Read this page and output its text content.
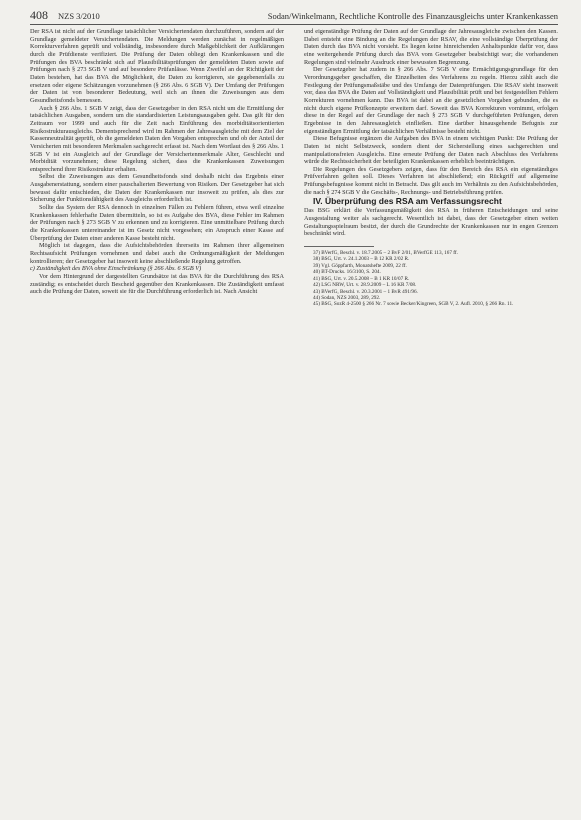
408 NZS 3/2010	Sodan/Winkelmann, Rechtliche Kontrolle des Finanzausgleichs unter Krankenkassen

Der RSA ist nicht auf der Grundlage tatsächlicher Versichertendaten durchzuführen, sondern auf der Grundlage gemeldeter Versichertendaten. Die Meldungen werden zunächst in regelmäßigen Korrekturverfahren geprüft und vollständig, insbesondere durch Maßgeblichkeit der Aufklärungen durch die Prüfdienste verifiziert. Die Prüfung der Daten obliegt den Krankenkassen und die Prüfungen des BVA beschränkt sich auf Plausibilitätsprüfungen der gemeldeten Daten sowie auf Prüfungen nach § 273 SGB V und auf besondere Prüfanlässe. Wenn Zweifel an der Richtigkeit der Daten bestehen, hat das BVA die Möglichkeit, die Daten zu korrigieren, sie gegebenenfalls zu ersetzen oder eigene Schätzungen vorzunehmen (§ 266 Abs. 6 SGB V). Der Umfang der Prüfungen der Daten ist von besonderer Bedeutung, weil sich an ihnen die Zuweisungen aus dem Gesundheitsfonds bemessen.

Auch § 266 Abs. 1 SGB V zeigt, dass der Gesetzgeber in den RSA nicht um die Ermittlung der tatsächlichen Ausgaben, sondern um die standardisierten Leistungsausgaben geht. Das gilt für den Zeitraum vor 1999 und auch für die Zeit nach Einführung des morbiditätsorientierten Risikostrukturausgleichs. Dementsprechend wird im Rahmen der Jahresausgleiche mit dem Ziel der Kassenneutralität geprüft, ob die gemeldeten Daten den Vorgaben entsprechen und ob der Anteil der Versicherten mit besonderen Merkmalen sachgerecht erfasst ist. Nach dem Wortlaut des § 266 Abs. 1 SGB V ist ein Ausgleich auf der Grundlage der Versichertenmerkmale Alter, Geschlecht und Morbidität vorzunehmen; diese Regelung sichert, dass die Krankenkassen Zuweisungen entsprechend ihrer Risikostruktur erhalten.

Selbst die Zuweisungen aus dem Gesundheitsfonds sind deshalb nicht das Ergebnis einer Ausgabenerstattung, sondern einer pauschalierten Bewertung von Risiken. Der Gesetzgeber hat sich bewusst dafür entschieden, die Daten der Krankenkassen nur insoweit zu prüfen, als dies zur Sicherung der Funktionsfähigkeit des Ausgleichs erforderlich ist.

Sollte das System der RSA dennoch in einzelnen Fällen zu Fehlern führen, etwa weil einzelne Krankenkassen fehlerhafte Daten übermitteln, so ist es Aufgabe des BVA, diese Fehler im Rahmen der Prüfungen nach § 273 SGB V zu erkennen und zu korrigieren. Eine unmittelbare Prüfung durch die Krankenkassen untereinander ist im Gesetz nicht vorgesehen; ein Anspruch einer Kasse auf Überprüfung der Daten einer anderen Kasse besteht nicht.

Möglich ist dagegen, dass die Aufsichtsbehörden ihrerseits im Rahmen ihrer allgemeinen Rechtsaufsicht Prüfungen vornehmen und dabei auch die Ordnungsmäßigkeit der Meldungen kontrollieren; der Gesetzgeber hat insoweit keine abschließende Regelung getroffen.

c) Zuständigkeit des BVA ohne Einschränkung (§ 266 Abs. 6 SGB V)

Vor dem Hintergrund der dargestellten Grundsätze ist das BVA für die Durchführung des RSA zuständig; es entscheidet durch Bescheid gegenüber den Krankenkassen. Die Zuständigkeit umfasst auch die Prüfung der Daten, soweit sie für die Durchführung erforderlich ist. Nach Ansicht

und eigenständige Prüfung der Daten auf der Grundlage der Jahresausgleiche zwischen den Kassen. Dabei entsteht eine Bindung an die Regelungen der RSAV, die eine vollständige Überprüfung der Daten durch das BVA nicht vorsieht. Es liegen keine hinreichenden Anhaltspunkte dafür vor, dass eine weitergehende Prüfung durch das BVA vom Gesetzgeber beabsichtigt war; die vorhandenen Regelungen sind vielmehr Ausdruck einer bewussten Begrenzung.

Der Gesetzgeber hat zudem in § 266 Abs. 7 SGB V eine Ermächtigungsgrundlage für den Verordnungsgeber geschaffen, die Einzelheiten des Verfahrens zu regeln. Hierzu zählt auch die Festlegung der Prüfungsmaßstäbe und des Umfangs der Datenprüfungen. Die RSAV sieht insoweit vor, dass das BVA die Daten auf Vollständigkeit und Plausibilität prüft und bei festgestellten Fehlern Korrekturen vornehmen kann. Das BVA ist dabei an die gesetzlichen Vorgaben gebunden, die es nicht durch eigene Prüfkonzepte erweitern darf. Soweit das BVA Korrekturen vornimmt, erfolgen diese in der Regel auf der Grundlage der nach § 273 SGB V durchgeführten Prüfungen, deren Ergebnisse in den Jahresausgleich einfließen. Eine darüber hinausgehende Befugnis zur eigenständigen Ermittlung der tatsächlichen Verhältnisse besteht nicht.

Diese Befugnisse ergänzen die Aufgaben des BVA in einem wichtigen Punkt: Die Prüfung der Daten ist nicht Selbstzweck, sondern dient der Sicherstellung eines sachgerechten und manipulationsfreien Ausgleichs. Eine erneute Prüfung der Daten nach Abschluss des Verfahrens würde die Rechtssicherheit der beteiligten Krankenkassen erheblich beeinträchtigen.

Die Regelungen des Gesetzgebers zeigen, dass für den Bereich des RSA ein eigenständiges Prüfverfahren gelten soll. Dieses Verfahren ist abschließend; ein Rückgriff auf allgemeine Prüfungsbefugnisse kommt nicht in Betracht. Das gilt auch im Verhältnis zu den Aufsichtsbehörden, die nach § 274 SGB V die Geschäfts-, Rechnungs- und Betriebsführung prüfen.

IV. Überprüfung des RSA am Verfassungsrecht

Das BSG erklärt die Verfassungsmäßigkeit des RSA in früheren Entscheidungen und seine Ausgestaltung weiter als sachgerecht. Wesentlich ist dabei, dass der Gesetzgeber einen weiten Gestaltungsspielraum besitzt, der durch die Grundrechte der Krankenkassen nur in engen Grenzen beschränkt wird.

37) BVerfG, Beschl. v. 18.7.2005 – 2 BvF 2/01, BVerfGE 113, 167 ff.

38) BSG, Urt. v. 24.1.2003 – B 12 KR 2/02 R.

39) Vgl. Göppfarth, Monatshefte 2009, 22 ff.

40) BT-Drucks. 16/3100, S. 204.

41) BSG, Urt. v. 20.5.2008 – B 1 KR 10/07 R.

42) LSG NRW, Urt. v. 28.9.2009 – L 16 KR 7/08.

43) BVerfG, Beschl. v. 20.3.2001 – 1 BvR 491/96.

44) Sodan, NZS 2003, 289, 292.

45) BSG, SozR 4-2500 § 266 Nr. 7 sowie Becker/Kingreen, SGB V, 2. Aufl. 2010, § 266 Rn. 11.
